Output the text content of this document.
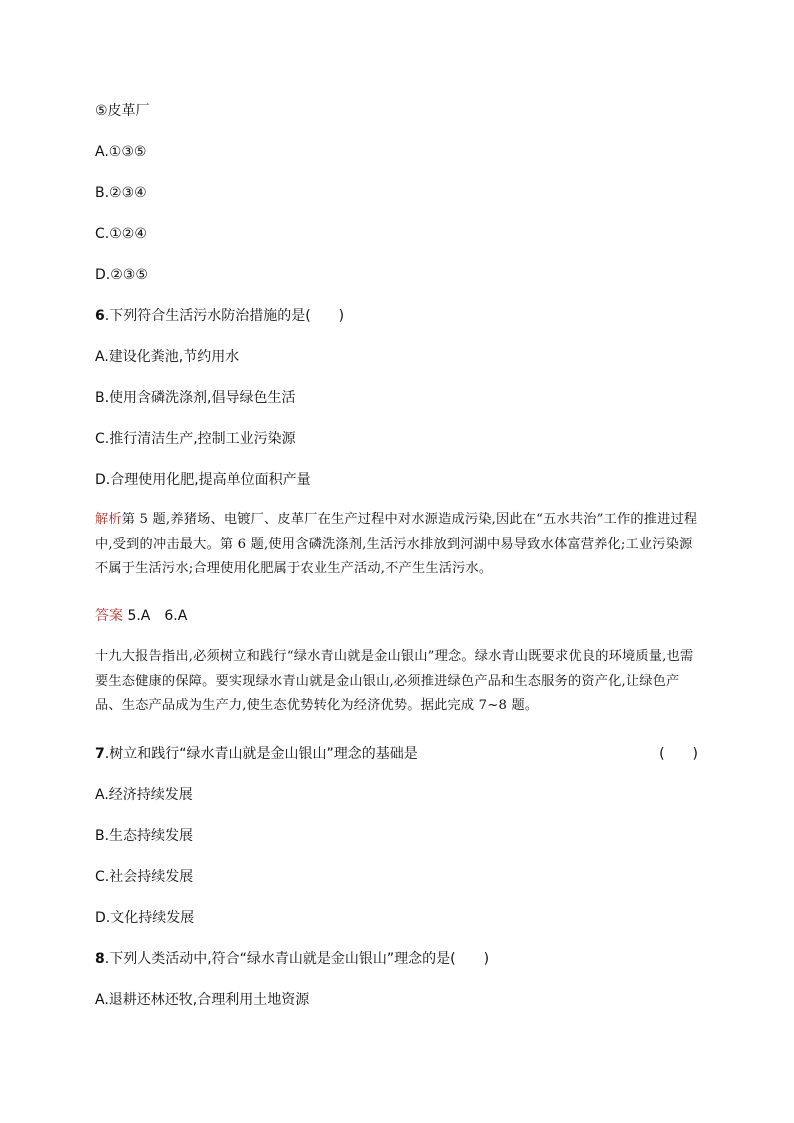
⑤皮革厂
A.①③⑤
B.②③④
C.①②④
D.②③⑤
6.下列符合生活污水防治措施的是(　　)
A.建设化粪池,节约用水
B.使用含磷洗涤剂,倡导绿色生活
C.推行清洁生产,控制工业污染源
D.合理使用化肥,提高单位面积产量
解析第 5 题,养猪场、电镀厂、皮革厂在生产过程中对水源造成污染,因此在“五水共治”工作的推进过程中,受到的冲击最大。第 6 题,使用含磷洗涤剂,生活污水排放到河湖中易导致水体富营养化;工业污染源不属于生活污水;合理使用化肥属于农业生产活动,不产生生活污水。
答案 5.A　6.A
十九大报告指出,必须树立和践行“绿水青山就是金山银山”理念。绿水青山既要求优良的环境质量,也需要生态健康的保障。要实现绿水青山就是金山银山,必须推进绿色产品和生态服务的资产化,让绿色产品、生态产品成为生产力,使生态优势转化为经济优势。据此完成 7~8 题。
7.树立和践行“绿水青山就是金山银山”理念的基础是	(　　)
A.经济持续发展
B.生态持续发展
C.社会持续发展
D.文化持续发展
8.下列人类活动中,符合“绿水青山就是金山银山”理念的是(　　)
A.退耕还林还牧,合理利用土地资源
